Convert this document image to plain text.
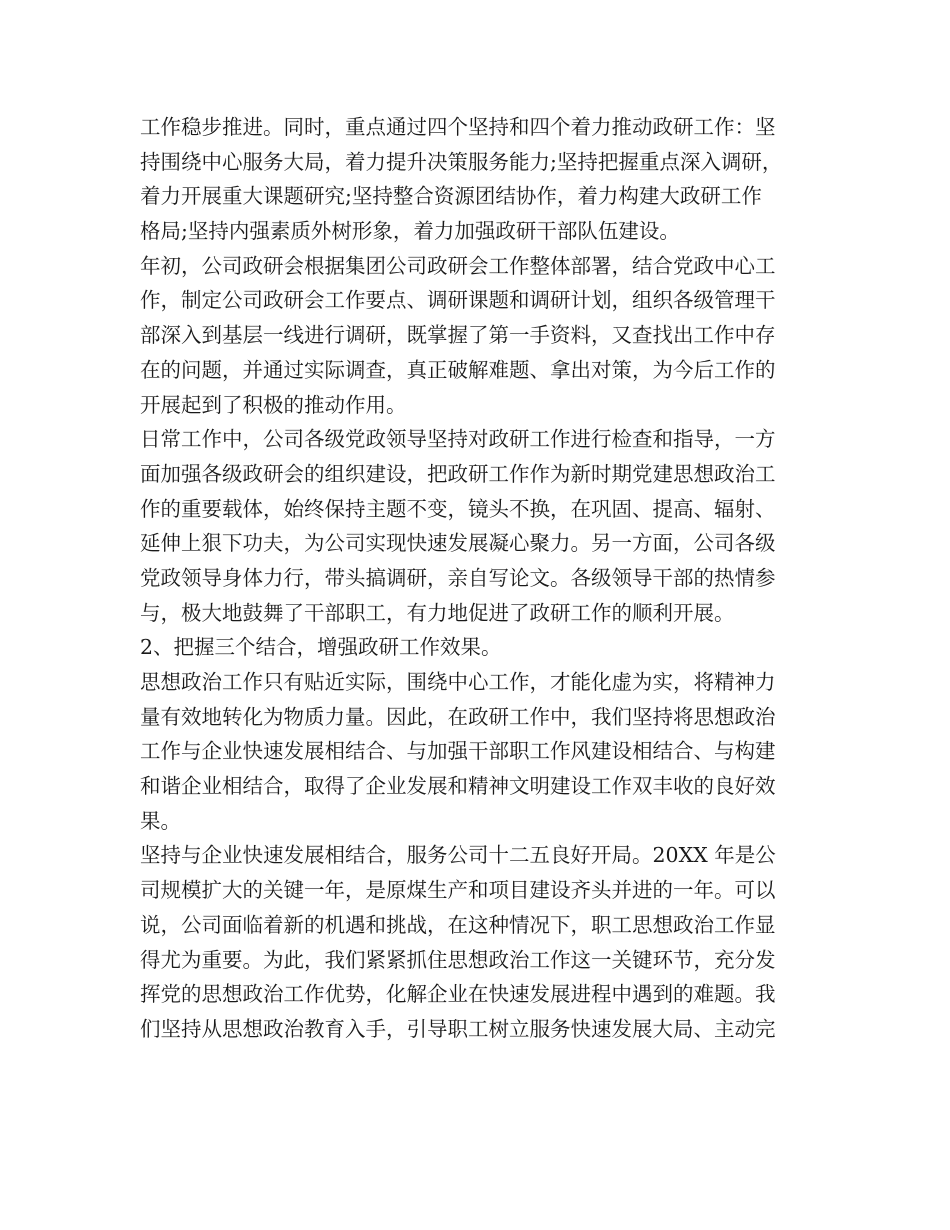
工作稳步推进。同时，重点通过四个坚持和四个着力推动政研工作：坚
持围绕中心服务大局，着力提升决策服务能力;坚持把握重点深入调研，
着力开展重大课题研究;坚持整合资源团结协作，着力构建大政研工作
格局;坚持内强素质外树形象，着力加强政研干部队伍建设。
年初，公司政研会根据集团公司政研会工作整体部署，结合党政中心工
作，制定公司政研会工作要点、调研课题和调研计划，组织各级管理干
部深入到基层一线进行调研，既掌握了第一手资料，又查找出工作中存
在的问题，并通过实际调查，真正破解难题、拿出对策，为今后工作的
开展起到了积极的推动作用。
日常工作中，公司各级党政领导坚持对政研工作进行检查和指导，一方
面加强各级政研会的组织建设，把政研工作作为新时期党建思想政治工
作的重要载体，始终保持主题不变，镜头不换，在巩固、提高、辐射、
延伸上狠下功夫，为公司实现快速发展凝心聚力。另一方面，公司各级
党政领导身体力行，带头搞调研，亲自写论文。各级领导干部的热情参
与，极大地鼓舞了干部职工，有力地促进了政研工作的顺利开展。
2、把握三个结合，增强政研工作效果。
思想政治工作只有贴近实际，围绕中心工作，才能化虚为实，将精神力
量有效地转化为物质力量。因此，在政研工作中，我们坚持将思想政治
工作与企业快速发展相结合、与加强干部职工作风建设相结合、与构建
和谐企业相结合，取得了企业发展和精神文明建设工作双丰收的良好效
果。
坚持与企业快速发展相结合，服务公司十二五良好开局。20XX 年是公
司规模扩大的关键一年，是原煤生产和项目建设齐头并进的一年。可以
说，公司面临着新的机遇和挑战，在这种情况下，职工思想政治工作显
得尤为重要。为此，我们紧紧抓住思想政治工作这一关键环节，充分发
挥党的思想政治工作优势，化解企业在快速发展进程中遇到的难题。我
们坚持从思想政治教育入手，引导职工树立服务快速发展大局、主动完
